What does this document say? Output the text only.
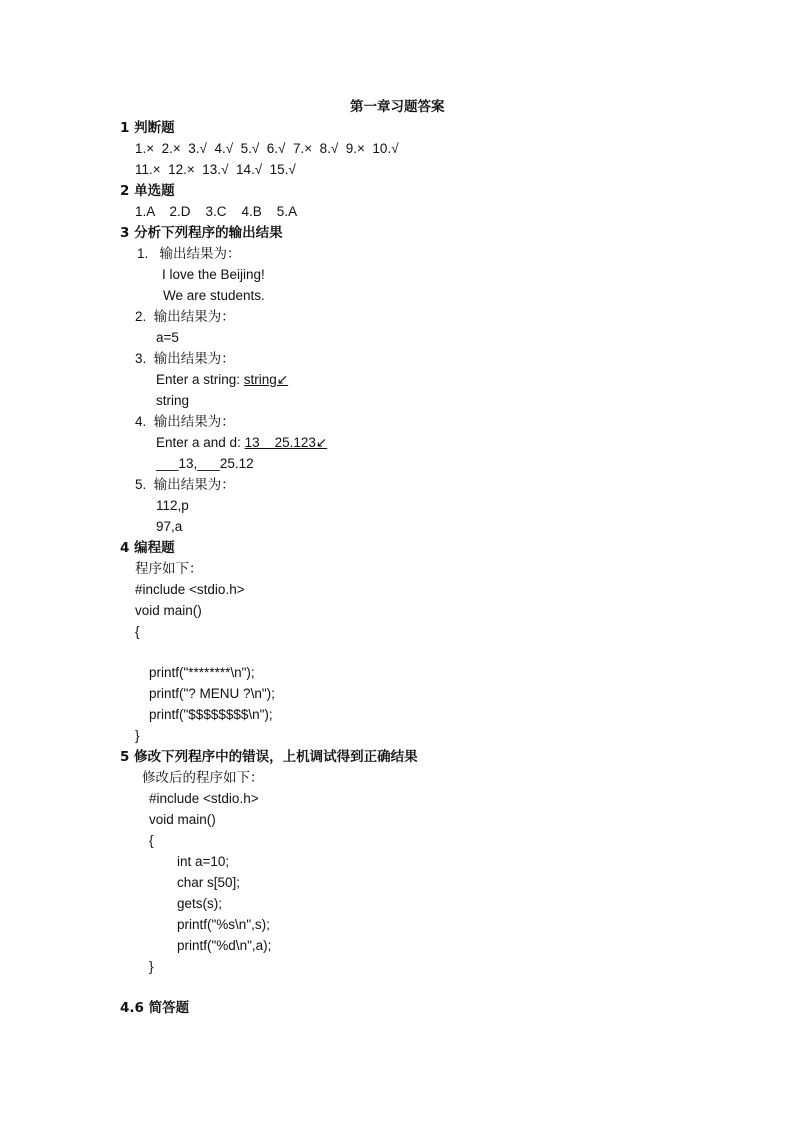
第一章习题答案
1 判断题
1.×  2.×  3.√  4.√  5.√  6.√  7.×  8.√  9.×  10.√
11.×  12.×  13.√  14.√  15.√
2 单选题
1.A    2.D    3.C    4.B    5.A
3 分析下列程序的输出结果
1.   输出结果为：
I love the Beijing!
We are students.
2.  输出结果为：
a=5
3.  输出结果为：
Enter a string: string↙
string
4.  输出结果为：
Enter a and d: 13    25.123↙
___13,___25.12
5.  输出结果为：
112,p
97,a
4 编程题
程序如下：
#include <stdio.h>
void main()
{
printf("********\n");
printf("? MENU ?\n");
printf("$$$$$$$$\n");
}
5 修改下列程序中的错误，上机调试得到正确结果
修改后的程序如下：
#include <stdio.h>
void main()
{
int a=10;
char s[50];
gets(s);
printf("%s\n",s);
printf("%d\n",a);
}
4.6 简答题
